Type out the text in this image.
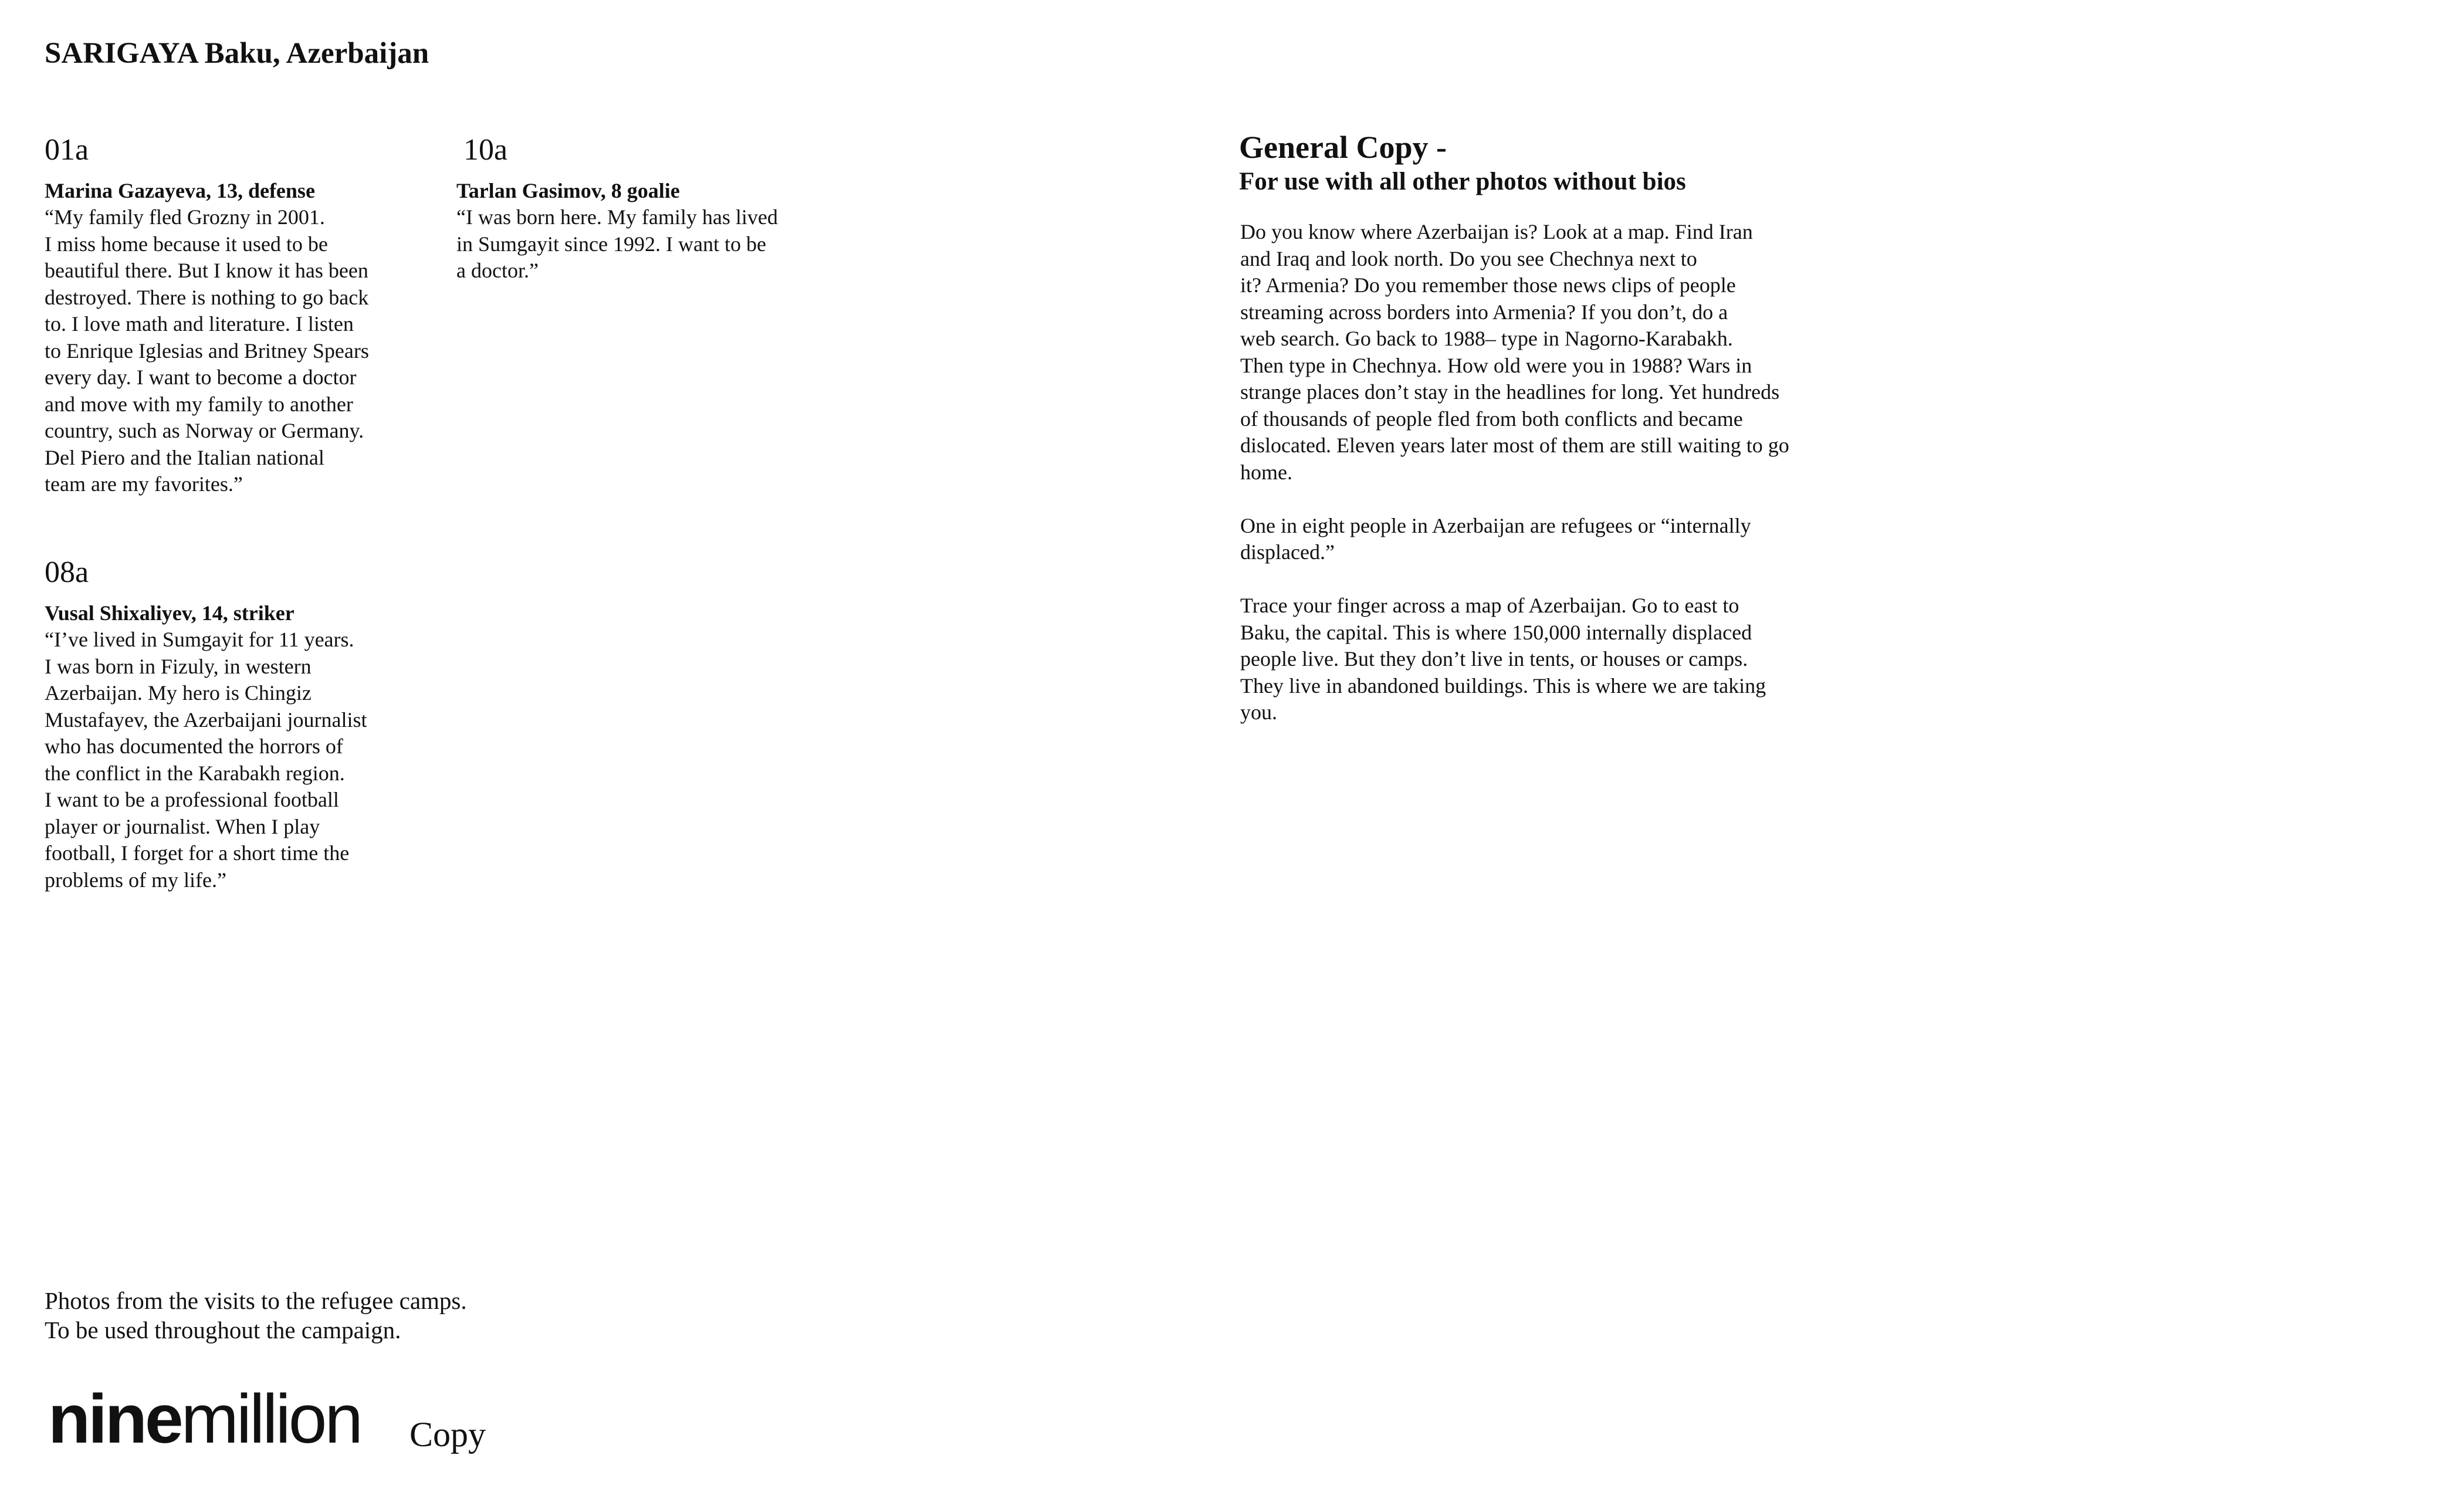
SARIGAYA Baku, Azerbaijan
01a
Marina Gazayeva, 13, defense
“My family fled Grozny in 2001.
I miss home because it used to be
beautiful there. But I know it has been
destroyed. There is nothing to go back
to. I love math and literature. I listen
to Enrique Iglesias and Britney Spears
every day. I want to become a doctor
and move with my family to another
country, such as Norway or Germany.
Del Piero and the Italian national
team are my favorites.”
08a
Vusal Shixaliyev, 14, striker
“I’ve lived in Sumgayit for 11 years.
I was born in Fizuly, in western
Azerbaijan. My hero is Chingiz
Mustafayev, the Azerbaijani journalist
who has documented the horrors of
the conflict in the Karabakh region.
I want to be a professional football
player or journalist. When I play
football, I forget for a short time the
problems of my life.”
10a
Tarlan Gasimov, 8 goalie
“I was born here. My family has lived
in Sumgayit since 1992. I want to be
a doctor.”
General Copy -
For use with all other photos without bios

Do you know where Azerbaijan is? Look at a map. Find Iran
and Iraq and look north. Do you see Chechnya next to
it? Armenia? Do you remember those news clips of people
streaming across borders into Armenia? If you don’t, do a
web search. Go back to 1988– type in Nagorno-Karabakh.
Then type in Chechnya. How old were you in 1988? Wars in
strange places don’t stay in the headlines for long. Yet hundreds
of thousands of people fled from both conflicts and became
dislocated. Eleven years later most of them are still waiting to go
home.

One in eight people in Azerbaijan are refugees or “internally
displaced.”

Trace your finger across a map of Azerbaijan. Go to east to
Baku, the capital. This is where 150,000 internally displaced
people live. But they don’t live in tents, or houses or camps.
They live in abandoned buildings. This is where we are taking
you.

Photos from the visits to the refugee camps.
To be used throughout the campaign.
ninemillion Copy
